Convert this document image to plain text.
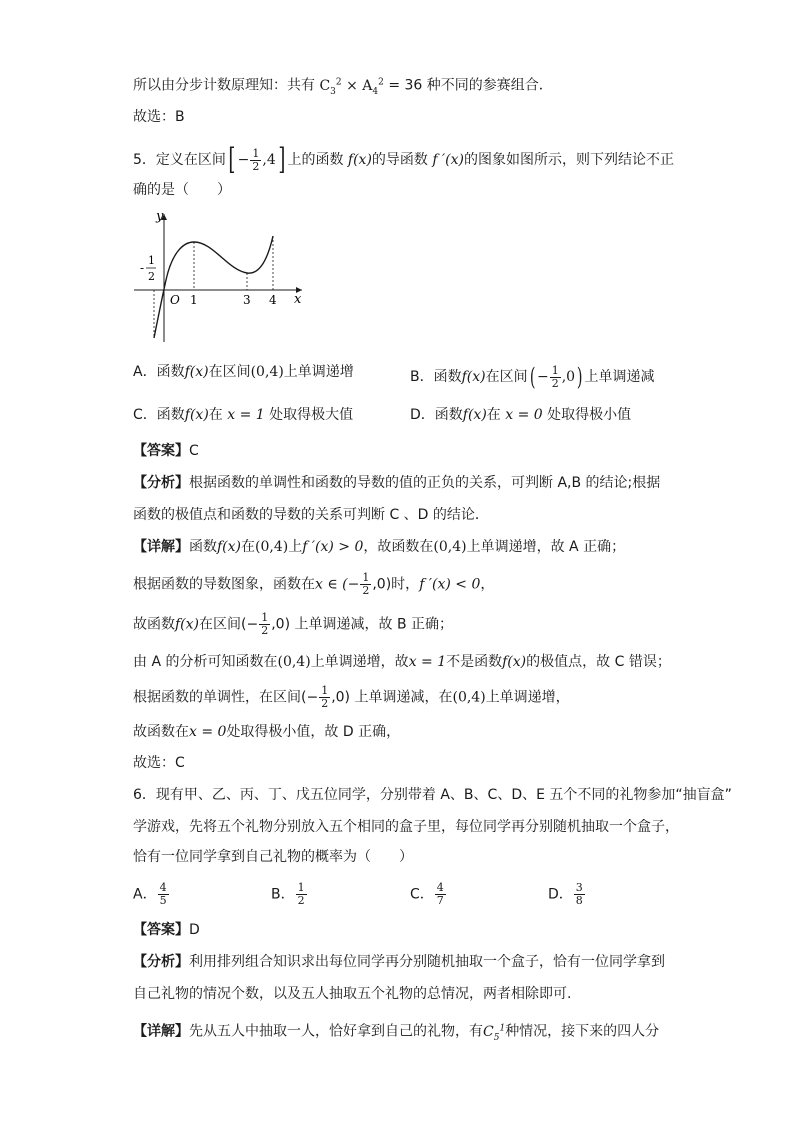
所以由分步计数原理知：共有 $C_3^2 \times A_4^2 = 36$ 种不同的参赛组合．
故选：B
5．定义在区间[ − $\frac{1}{2} ,4$] 上的函数 f(x)的导函数 f ′(x)的图象如图所示，则下列结论不正
确的是（　　）
y
x
O 1	3 4
-
1
2
A．函数f(x)在区间(0,4)上单调递增	B．函数f(x)在区间( − $\frac{1}{2} ,0$) 上单调递减
C．函数f(x)在 x = 1 处取得极大值	D．函数f(x)在 x = 0 处取得极小值
【答案】C
【分析】根据函数的单调性和函数的导数的值的正负的关系，可判断 A,B 的结论;根据
函数的极值点和函数的导数的关系可判断 C 、D 的结论．
【详解】函数f(x)在(0,4)上f ′(x) > 0，故函数在(0,4)上单调递增，故 A 正确；
根据函数的导数图象，函数在x ∈ (− $\frac{1}{2} ,0$)时，f ′(x) < 0，
故函数f(x)在区间(− $\frac{1}{2} ,0$) 上单调递减，故 B 正确；
由 A 的分析可知函数在(0,4)上单调递增，故x = 1不是函数f(x)的极值点，故 C 错误；
根据函数的单调性，在区间(− $\frac{1}{2} ,0$) 上单调递减，在(0,4)上单调递增，
故函数在x = 0处取得极小值，故 D 正确，
故选：C
6．现有甲、乙、丙、丁、戊五位同学，分别带着 A、B、C、D、E 五个不同的礼物参加“抽盲盒”
学游戏，先将五个礼物分别放入五个相同的盒子里，每位同学再分别随机抽取一个盒子，
恰有一位同学拿到自己礼物的概率为（　　）
A． $\frac{4}{5}$	B． $\frac{1}{2}$	C． $\frac{4}{7}$	D． $\frac{3}{8}$
【答案】D
【分析】利用排列组合知识求出每位同学再分别随机抽取一个盒子，恰有一位同学拿到
自己礼物的情况个数，以及五人抽取五个礼物的总情况，两者相除即可.
【详解】先从五人中抽取一人，恰好拿到自己的礼物，有$C_5^1$种情况，接下来的四人分
